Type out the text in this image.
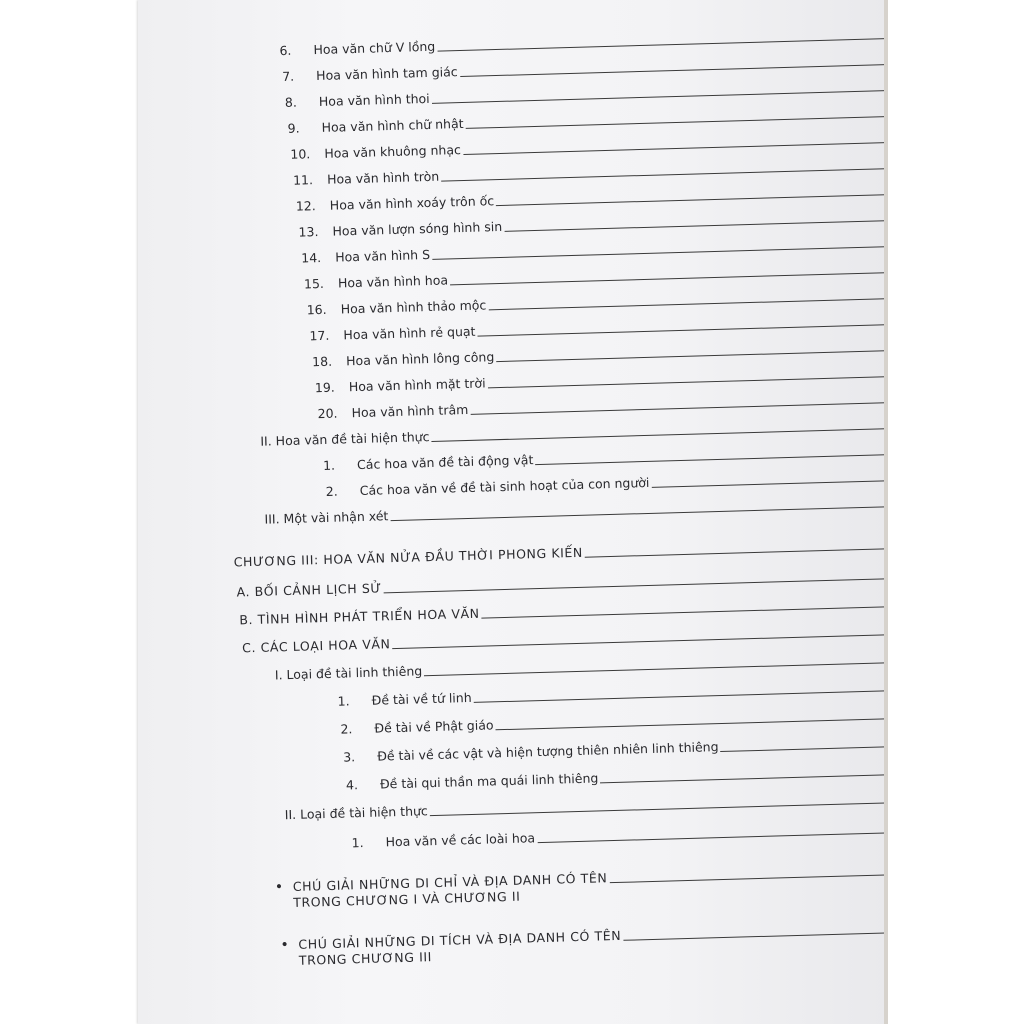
6.	Hoa văn chữ V lồng
7.	Hoa văn hình tam giác
8.	Hoa văn hình thoi
9.	Hoa văn hình chữ nhật
10.	Hoa văn khuông nhạc
11.	Hoa văn hình tròn
12.	Hoa văn hình xoáy trôn ốc
13.	Hoa văn lượn sóng hình sin
14.	Hoa văn hình S
15.	Hoa văn hình hoa
16.	Hoa văn hình thảo mộc
17.	Hoa văn hình rẻ quạt
18.	Hoa văn hình lông công
19.	Hoa văn hình mặt trời
20.	Hoa văn hình trâm
II. Hoa văn đề tài hiện thực
1.	Các hoa văn đề tài động vật
2.	Các hoa văn về đề tài sinh hoạt của con người
III. Một vài nhận xét
CHƯƠNG III: HOA VĂN NỬA ĐẦU THỜI PHONG KIẾN
A. BỐI CẢNH LỊCH SỬ
B. TÌNH HÌNH PHÁT TRIỂN HOA VĂN
C. CÁC LOẠI HOA VĂN
I. Loại đề tài linh thiêng
1.	Đề tài về tứ linh
2.	Đề tài về Phật giáo
3.	Đề tài về các vật và hiện tượng thiên nhiên linh thiêng
4.	Đề tài qui thần ma quái linh thiêng
II. Loại đề tài hiện thực
1.	Hoa văn về các loài hoa
• CHÚ GIẢI NHỮNG DI CHỈ VÀ ĐỊA DANH CÓ TÊN
TRONG CHƯƠNG I VÀ CHƯƠNG II
• CHÚ GIẢI NHỮNG DI TÍCH VÀ ĐỊA DANH CÓ TÊN
TRONG CHƯƠNG III
